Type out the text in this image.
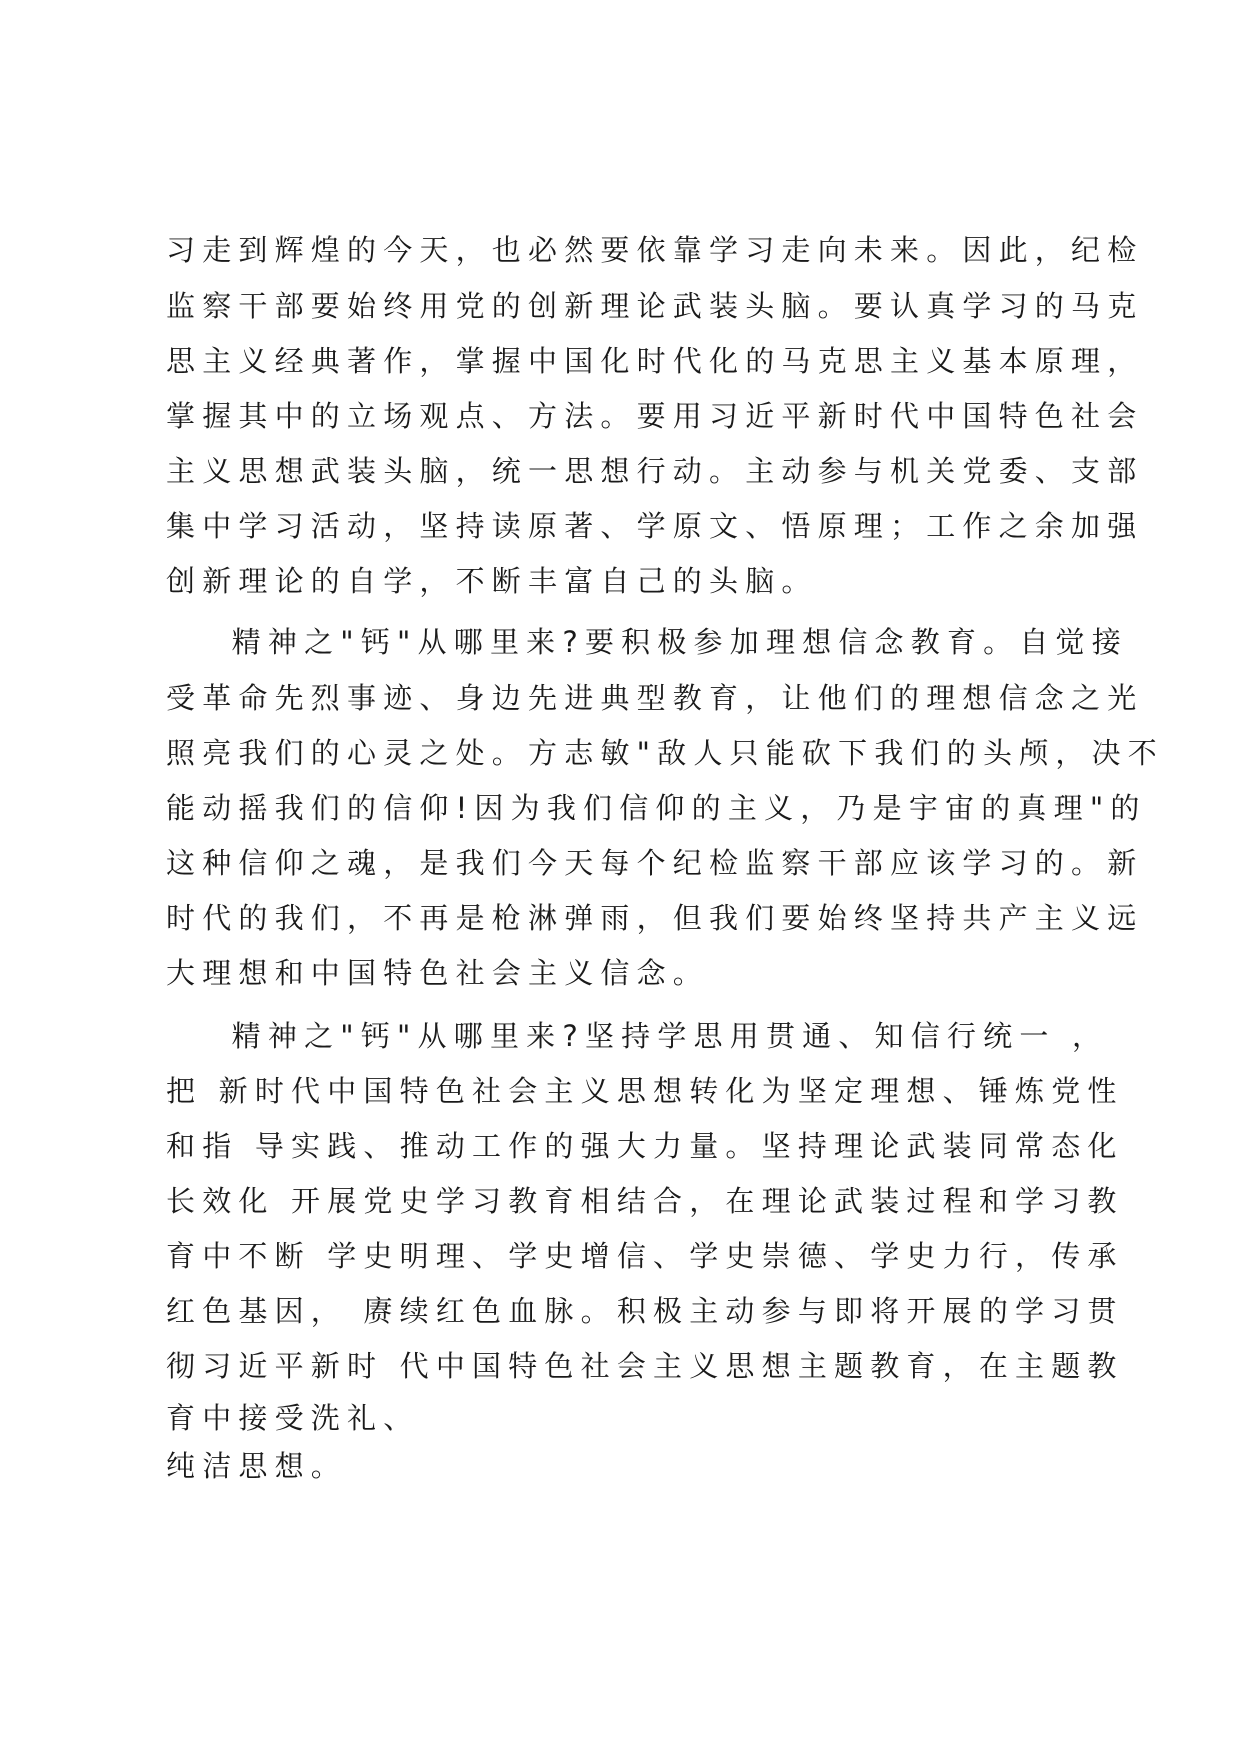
习走到辉煌的今天，也必然要依靠学习走向未来。因此，纪检
监察干部要始终用党的创新理论武装头脑。要认真学习的马克
思主义经典著作，掌握中国化时代化的马克思主义基本原理，
掌握其中的立场观点、方法。要用习近平新时代中国特色社会
主义思想武装头脑，统一思想行动。主动参与机关党委、支部
集中学习活动，坚持读原著、学原文、悟原理；工作之余加强
创新理论的自学，不断丰富自己的头脑。
精神之"钙"从哪里来?要积极参加理想信念教育。自觉接
受革命先烈事迹、身边先进典型教育，让他们的理想信念之光
照亮我们的心灵之处。方志敏"敌人只能砍下我们的头颅，决不
能动摇我们的信仰!因为我们信仰的主义，乃是宇宙的真理"的
这种信仰之魂，是我们今天每个纪检监察干部应该学习的。新
时代的我们，不再是枪淋弹雨，但我们要始终坚持共产主义远
大理想和中国特色社会主义信念。
精神之"钙"从哪里来?坚持学思用贯通、知信行统一 ，
把 新时代中国特色社会主义思想转化为坚定理想、锤炼党性
和指 导实践、推动工作的强大力量。坚持理论武装同常态化
长效化 开展党史学习教育相结合，在理论武装过程和学习教
育中不断 学史明理、学史增信、学史崇德、学史力行，传承
红色基因， 赓续红色血脉。积极主动参与即将开展的学习贯
彻习近平新时 代中国特色社会主义思想主题教育，在主题教
育中接受洗礼、
纯洁思想。
